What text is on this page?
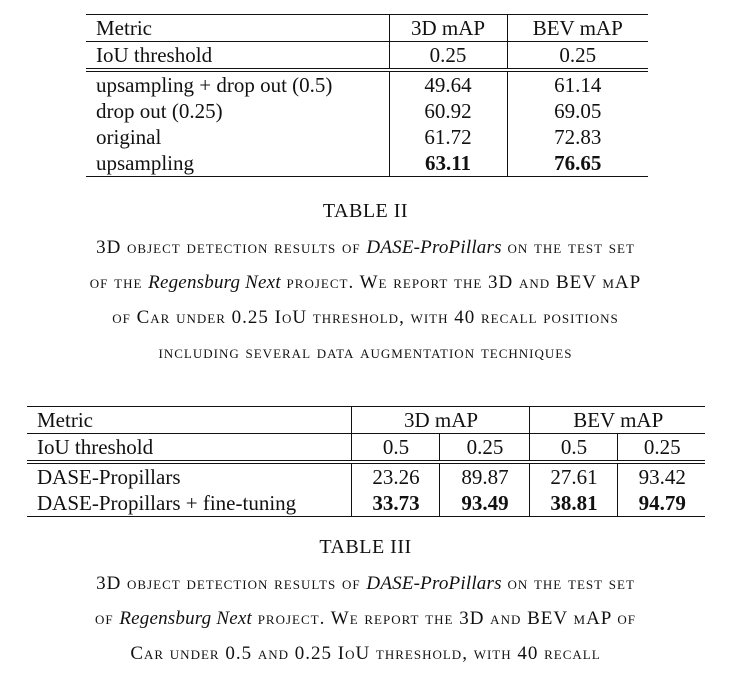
Metric	3D mAP	BEV mAP
IoU threshold	0.25	0.25
upsampling + drop out (0.5)	49.64	61.14
drop out (0.25)	60.92	69.05
original	61.72	72.83
upsampling	63.11	76.65
TABLE II
3D object detection results of DASE-ProPillars on the test set
of the Regensburg Next project. We report the 3D and BEV mAP
of Car under 0.25 IoU threshold, with 40 recall positions
including several data augmentation techniques
Metric	3D mAP		BEV mAP	
IoU threshold	0.5	0.25	0.5	0.25
DASE-Propillars	23.26	89.87	27.61	93.42
DASE-Propillars + fine-tuning	33.73	93.49	38.81	94.79
TABLE III
3D object detection results of DASE-ProPillars on the test set
of Regensburg Next project. We report the 3D and BEV mAP of
Car under 0.5 and 0.25 IoU threshold, with 40 recall
